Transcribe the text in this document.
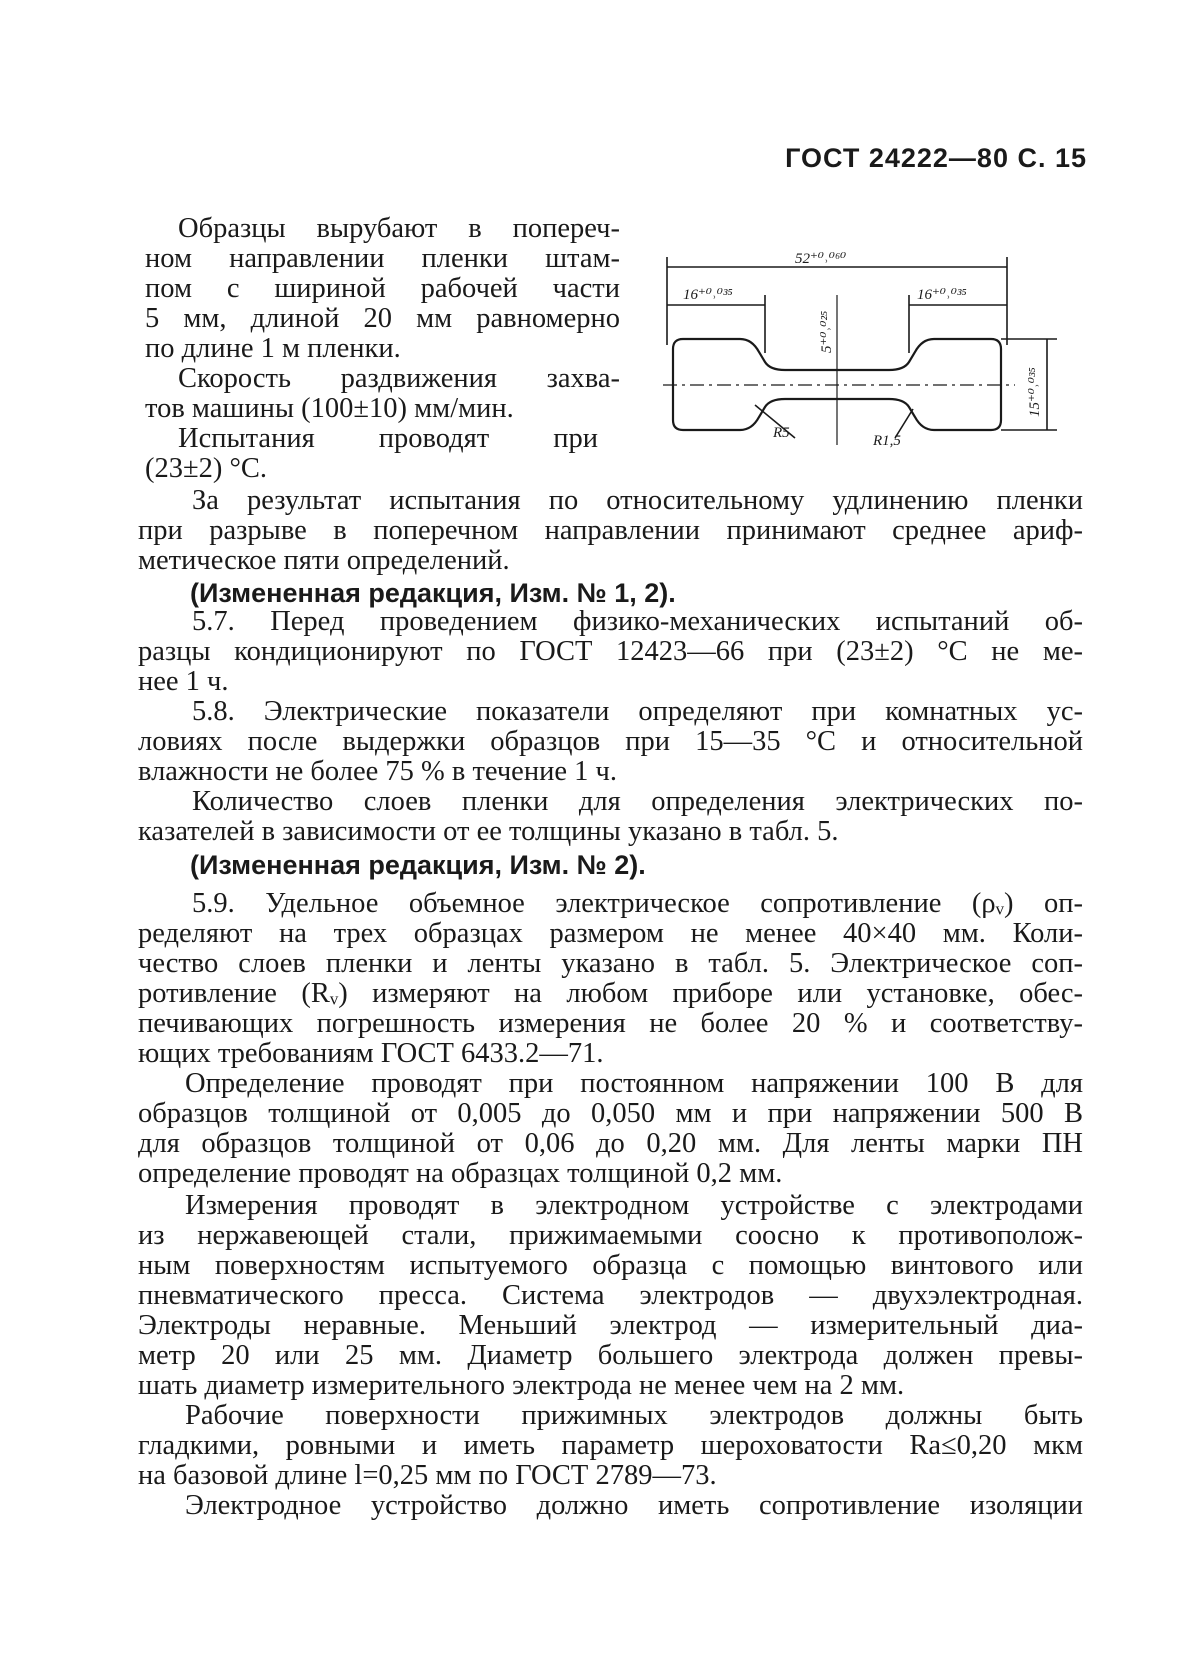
ГОСТ 24222—80 С. 15
Образцы вырубают в попереч-
ном направлении пленки штам-
пом с шириной рабочей части
5 мм, длиной 20 мм равномерно
по длине 1 м пленки.
Скорость раздвижения захва-
тов машины (100±10) мм/мин.
Испытания проводят при
(23±2) °С.
52⁺⁰˒⁰⁶⁰
16⁺⁰˒⁰³⁵	16⁺⁰˒⁰³⁵
5⁺⁰˒⁰²⁵
15⁺⁰˒⁰³⁵
R5	R1,5
За результат испытания по относительному удлинению пленки
при разрыве в поперечном направлении принимают среднее ариф-
метическое пяти определений.
(Измененная редакция, Изм. № 1, 2).
5.7. Перед проведением физико-механических испытаний об-
разцы кондиционируют по ГОСТ 12423—66 при (23±2) °С не ме-
нее 1 ч.
5.8. Электрические показатели определяют при комнатных ус-
ловиях после выдержки образцов при 15—35 °С и относительной
влажности не более 75 % в течение 1 ч.
Количество слоев пленки для определения электрических по-
казателей в зависимости от ее толщины указано в табл. 5.
(Измененная редакция, Изм. № 2).
5.9. Удельное объемное электрическое сопротивление (ρᵥ) оп-
ределяют на трех образцах размером не менее 40×40 мм. Коли-
чество слоев пленки и ленты указано в табл. 5. Электрическое соп-
ротивление (Rᵥ) измеряют на любом приборе или установке, обес-
печивающих погрешность измерения не более 20 % и соответству-
ющих требованиям ГОСТ 6433.2—71.
Определение проводят при постоянном напряжении 100 В для
образцов толщиной от 0,005 до 0,050 мм и при напряжении 500 В
для образцов толщиной от 0,06 до 0,20 мм. Для ленты марки ПН
определение проводят на образцах толщиной 0,2 мм.
Измерения проводят в электродном устройстве с электродами
из нержавеющей стали, прижимаемыми соосно к противополож-
ным поверхностям испытуемого образца с помощью винтового или
пневматического пресса. Система электродов — двухэлектродная.
Электроды неравные. Меньший электрод — измерительный диа-
метр 20 или 25 мм. Диаметр большего электрода должен превы-
шать диаметр измерительного электрода не менее чем на 2 мм.
Рабочие поверхности прижимных электродов должны быть
гладкими, ровными и иметь параметр шероховатости Ra≤0,20 мкм
на базовой длине l=0,25 мм по ГОСТ 2789—73.
Электродное устройство должно иметь сопротивление изоляции
